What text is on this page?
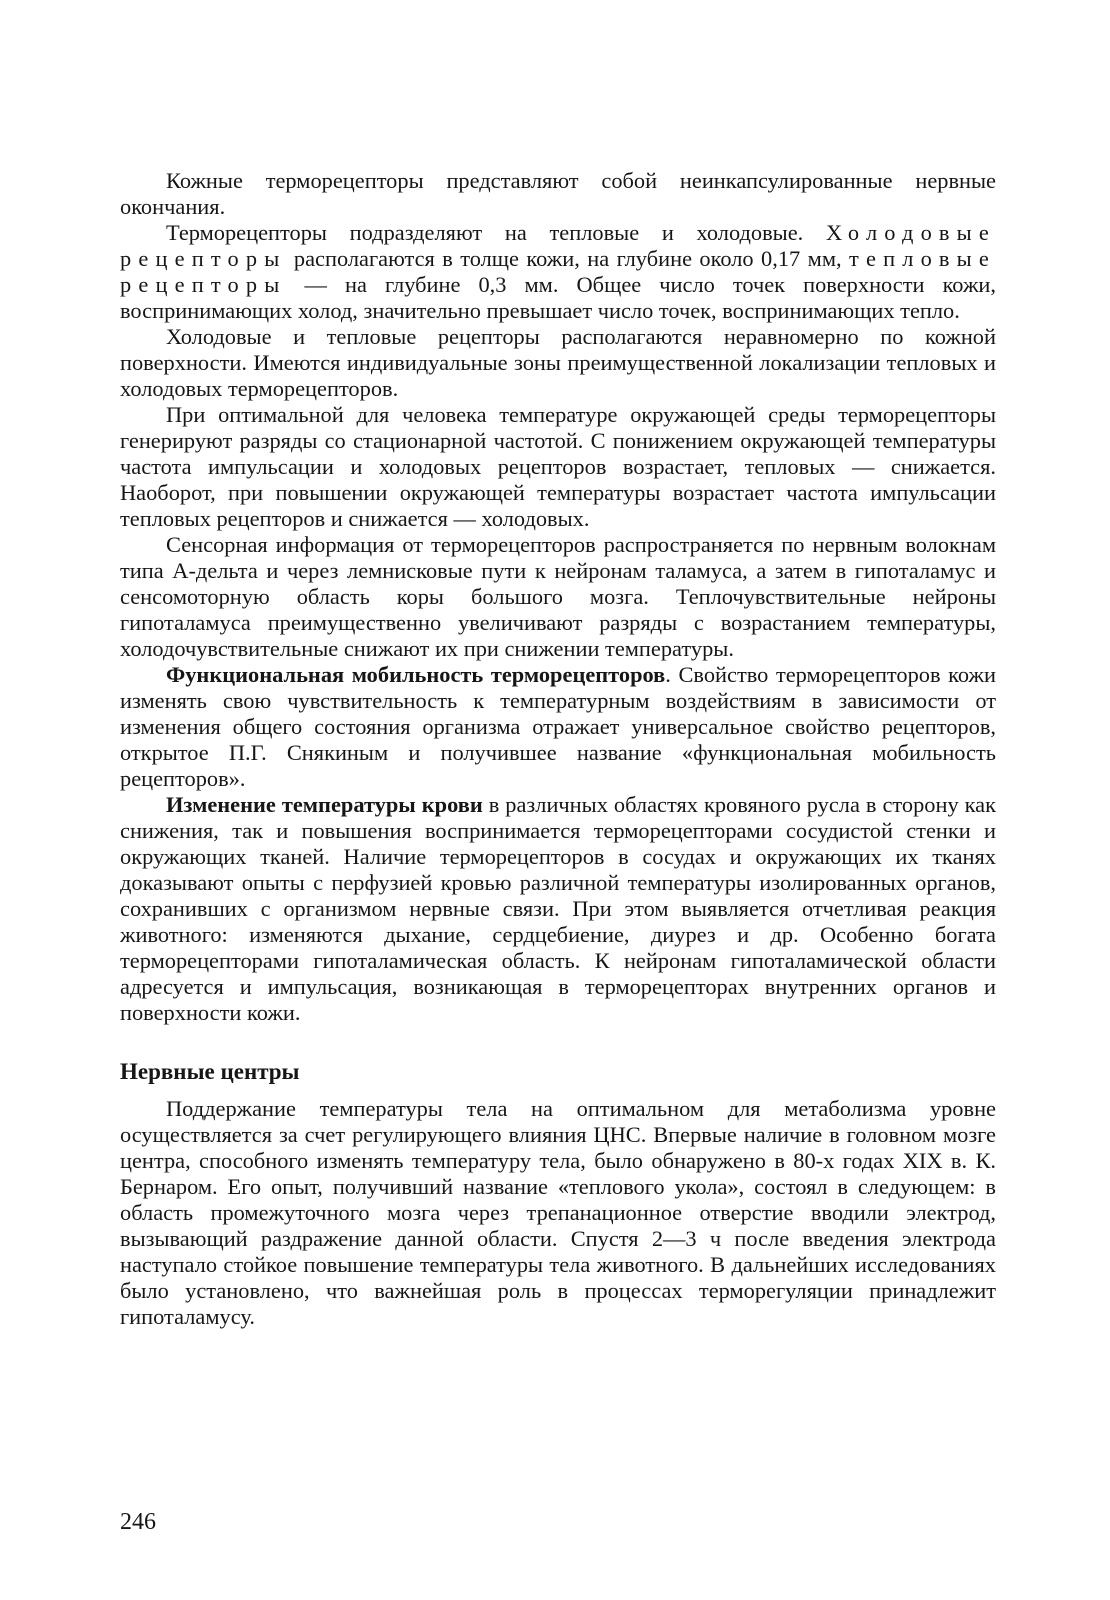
Кожные терморецепторы представляют собой неинкапсулированные нервные окончания.

Терморецепторы подразделяют на тепловые и холодовые. Холодовые рецепторы располагаются в толще кожи, на глубине около 0,17 мм, тепловые рецепторы — на глубине 0,3 мм. Общее число точек поверхности кожи, воспринимающих холод, значительно превышает число точек, воспринимающих тепло.

Холодовые и тепловые рецепторы располагаются неравномерно по кожной поверхности. Имеются индивидуальные зоны преимущественной локализации тепловых и холодовых терморецепторов.

При оптимальной для человека температуре окружающей среды терморецепторы генерируют разряды со стационарной частотой. С понижением окружающей температуры частота импульсации и холодовых рецепторов возрастает, тепловых — снижается. Наоборот, при повышении окружающей температуры возрастает частота импульсации тепловых рецепторов и снижается — холодовых.

Сенсорная информация от терморецепторов распространяется по нервным волокнам типа А-дельта и через лемнисковые пути к нейронам таламуса, а затем в гипоталамус и сенсомоторную область коры большого мозга. Теплочувствительные нейроны гипоталамуса преимущественно увеличивают разряды с возрастанием температуры, холодочувствительные снижают их при снижении температуры.

Функциональная мобильность терморецепторов. Свойство терморецепторов кожи изменять свою чувствительность к температурным воздействиям в зависимости от изменения общего состояния организма отражает универсальное свойство рецепторов, открытое П.Г. Снякиным и получившее название «функциональная мобильность рецепторов».

Изменение температуры крови в различных областях кровяного русла в сторону как снижения, так и повышения воспринимается терморецепторами сосудистой стенки и окружающих тканей. Наличие терморецепторов в сосудах и окружающих их тканях доказывают опыты с перфузией кровью различной температуры изолированных органов, сохранивших с организмом нервные связи. При этом выявляется отчетливая реакция животного: изменяются дыхание, сердцебиение, диурез и др. Особенно богата терморецепторами гипоталамическая область. К нейронам гипоталамической области адресуется и импульсация, возникающая в терморецепторах внутренних органов и поверхности кожи.

Нервные центры

Поддержание температуры тела на оптимальном для метаболизма уровне осуществляется за счет регулирующего влияния ЦНС. Впервые наличие в головном мозге центра, способного изменять температуру тела, было обнаружено в 80-х годах XIX в. К. Бернаром. Его опыт, получивший название «теплового укола», состоял в следующем: в область промежуточного мозга через трепанационное отверстие вводили электрод, вызывающий раздражение данной области. Спустя 2—3 ч после введения электрода наступало стойкое повышение температуры тела животного. В дальнейших исследованиях было установлено, что важнейшая роль в процессах терморегуляции принадлежит гипоталамусу.

246
